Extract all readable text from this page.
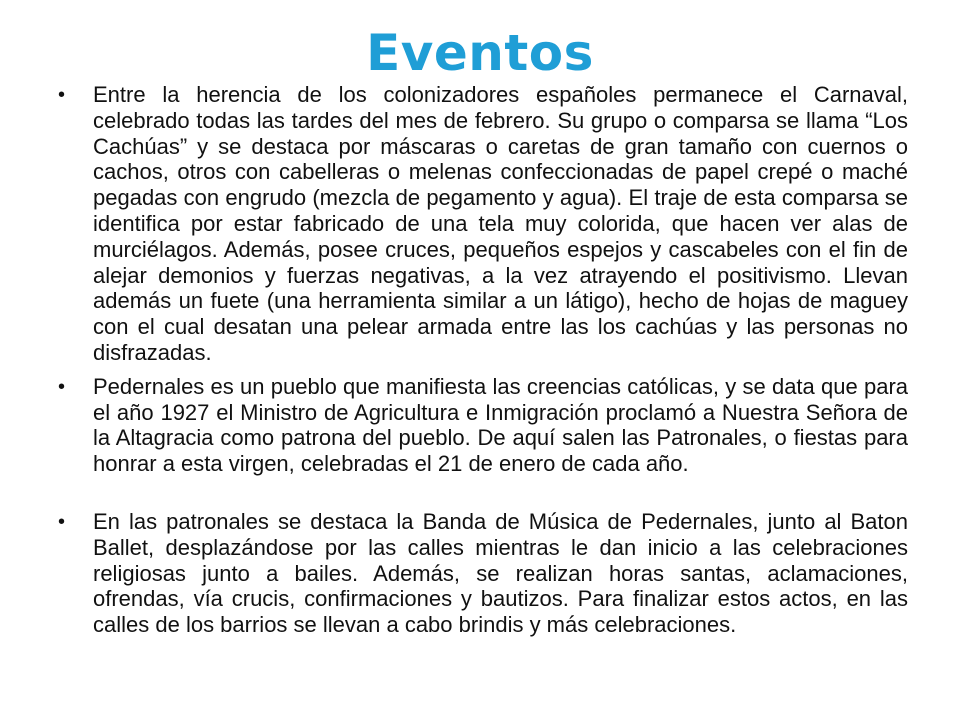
Eventos
• Entre la herencia de los colonizadores españoles permanece el Carnaval, celebrado todas las tardes del mes de febrero. Su grupo o comparsa se llama “Los Cachúas” y se destaca por máscaras o caretas de gran tamaño con cuernos o cachos, otros con cabelleras o melenas confeccionadas de papel crepé o maché pegadas con engrudo (mezcla de pegamento y agua). El traje de esta comparsa se identifica por estar fabricado de una tela muy colorida, que hacen ver alas de murciélagos. Además, posee cruces, pequeños espejos y cascabeles con el fin de alejar demonios y fuerzas negativas, a la vez atrayendo el positivismo. Llevan además un fuete (una herramienta similar a un látigo), hecho de hojas de maguey con el cual desatan una pelear armada entre las los cachúas y las personas no disfrazadas.
• Pedernales es un pueblo que manifiesta las creencias católicas, y se data que para el año 1927 el Ministro de Agricultura e Inmigración proclamó a Nuestra Señora de la Altagracia como patrona del pueblo. De aquí salen las Patronales, o fiestas para honrar a esta virgen, celebradas el 21 de enero de cada año.
• En las patronales se destaca la Banda de Música de Pedernales, junto al Baton Ballet, desplazándose por las calles mientras le dan inicio a las celebraciones religiosas junto a bailes. Además, se realizan horas santas, aclamaciones, ofrendas, vía crucis, confirmaciones y bautizos. Para finalizar estos actos, en las calles de los barrios se llevan a cabo brindis y más celebraciones.
